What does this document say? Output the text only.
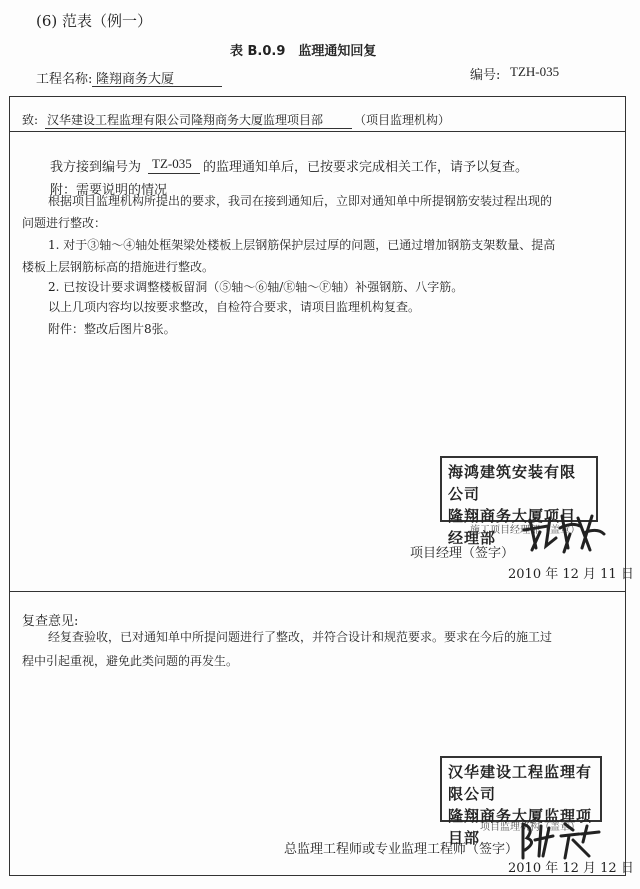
(6) 范表（例一）
表 B.0.9　监理通知回复
工程名称: 隆翔商务大厦	编号: TZH-035
致: 汉华建设工程监理有限公司隆翔商务大厦监理项目部	（项目监理机构）
我方接到编号为 TZ-035 的监理通知单后，已按要求完成相关工作，请予以复查。
附：需要说明的情况
根据项目监理机构所提出的要求，我司在接到通知后，立即对通知单中所提钢筋安装过程出现的
问题进行整改：
1. 对于③轴～④轴处框架梁处楼板上层钢筋保护层过厚的问题，已通过增加钢筋支架数量、提高
楼板上层钢筋标高的措施进行整改。
2. 已按设计要求调整楼板留洞（⑤轴～⑥轴/Ⓔ轴～Ⓕ轴）补强钢筋、八字筋。
以上几项内容均以按要求整改，自检符合要求，请项目监理机构复查。
附件：整改后图片8张。
海鸿建筑安装有限公司
隆翔商务大厦项目经理部
施工项目经理部（盖章）
项目经理（签字）
2010 年 12 月 11 日
复查意见:
经复查验收，已对通知单中所提问题进行了整改，并符合设计和规范要求。要求在今后的施工过
程中引起重视，避免此类问题的再发生。
汉华建设工程监理有限公司
隆翔商务大厦监理项目部
项目监理机构（盖章）
总监理工程师或专业监理工程师（签字）
2010 年 12 月 12 日
